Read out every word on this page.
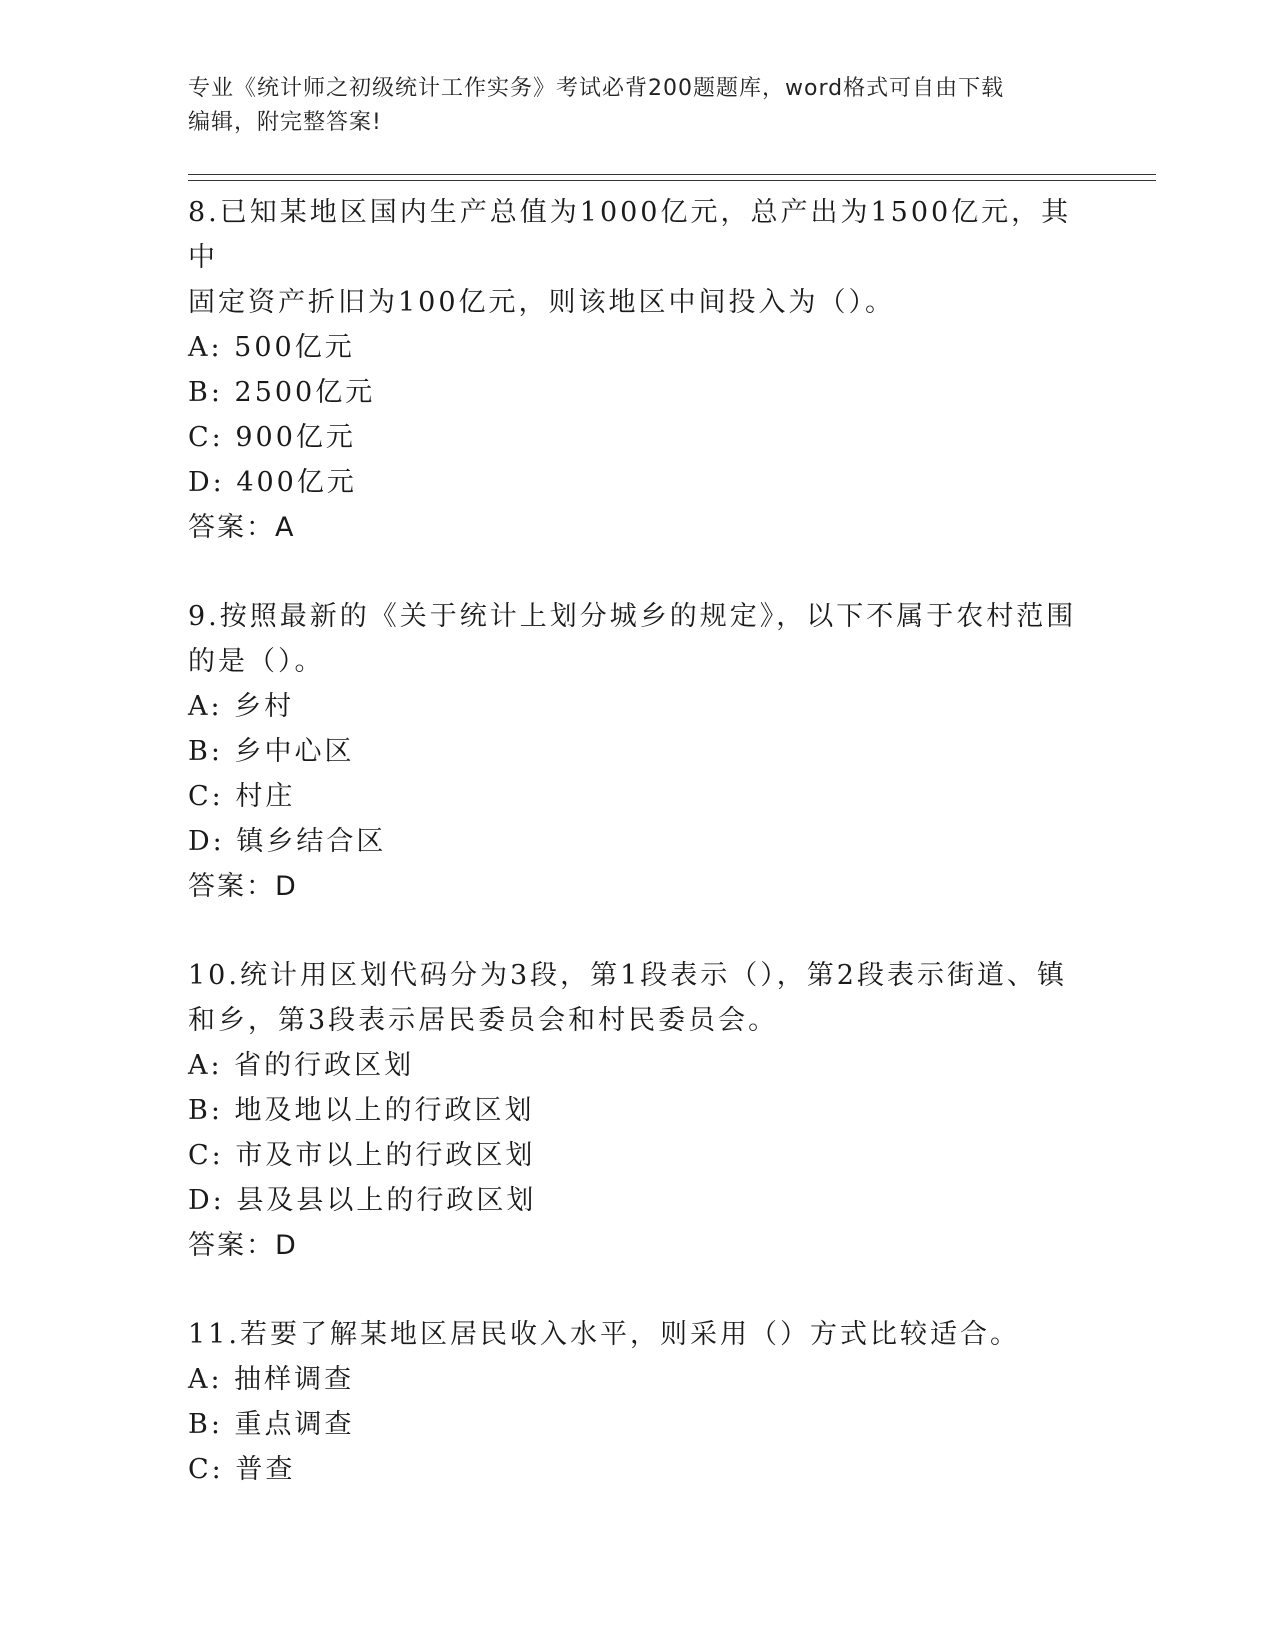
专业《统计师之初级统计工作实务》考试必背200题题库，word格式可自由下载
编辑，附完整答案!
8.已知某地区国内生产总值为1000亿元，总产出为1500亿元，其中
固定资产折旧为100亿元，则该地区中间投入为（）。
A: 500亿元
B: 2500亿元
C: 900亿元
D: 400亿元
答案：A
9.按照最新的《关于统计上划分城乡的规定》，以下不属于农村范围
的是（）。
A: 乡村
B: 乡中心区
C: 村庄
D: 镇乡结合区
答案：D
10.统计用区划代码分为3段，第1段表示（），第2段表示街道、镇
和乡，第3段表示居民委员会和村民委员会。
A: 省的行政区划
B: 地及地以上的行政区划
C: 市及市以上的行政区划
D: 县及县以上的行政区划
答案：D
11.若要了解某地区居民收入水平，则采用（）方式比较适合。
A: 抽样调查
B: 重点调查
C: 普查
